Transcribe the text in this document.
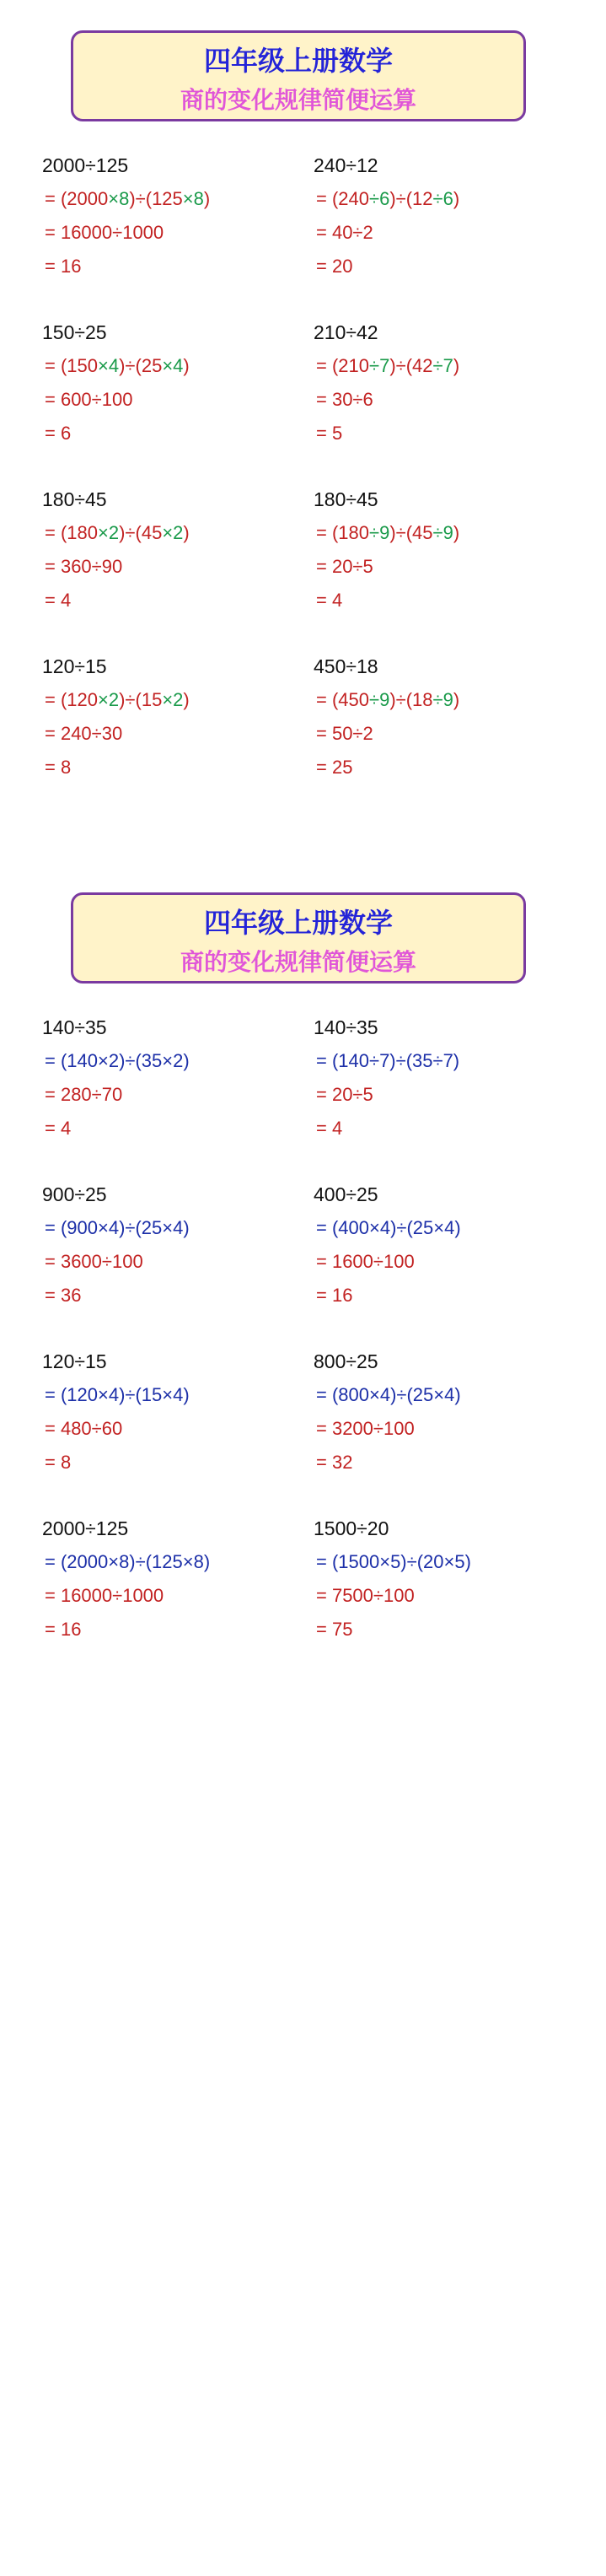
四年级上册数学
商的变化规律简便运算
2000÷125
= (2000×8)÷(125×8)
= 16000÷1000
= 16
240÷12
= (240÷6)÷(12÷6)
= 40÷2
= 20
150÷25
= (150×4)÷(25×4)
= 600÷100
= 6
210÷42
= (210÷7)÷(42÷7)
= 30÷6
= 5
180÷45
= (180×2)÷(45×2)
= 360÷90
= 4
180÷45
= (180÷9)÷(45÷9)
= 20÷5
= 4
120÷15
= (120×2)÷(15×2)
= 240÷30
= 8
450÷18
= (450÷9)÷(18÷9)
= 50÷2
= 25
四年级上册数学
商的变化规律简便运算
140÷35
= (140×2)÷(35×2)
= 280÷70
= 4
140÷35
= (140÷7)÷(35÷7)
= 20÷5
= 4
900÷25
= (900×4)÷(25×4)
= 3600÷100
= 36
400÷25
= (400×4)÷(25×4)
= 1600÷100
= 16
120÷15
= (120×4)÷(15×4)
= 480÷60
= 8
800÷25
= (800×4)÷(25×4)
= 3200÷100
= 32
2000÷125
= (2000×8)÷(125×8)
= 16000÷1000
= 16
1500÷20
= (1500×5)÷(20×5)
= 7500÷100
= 75
